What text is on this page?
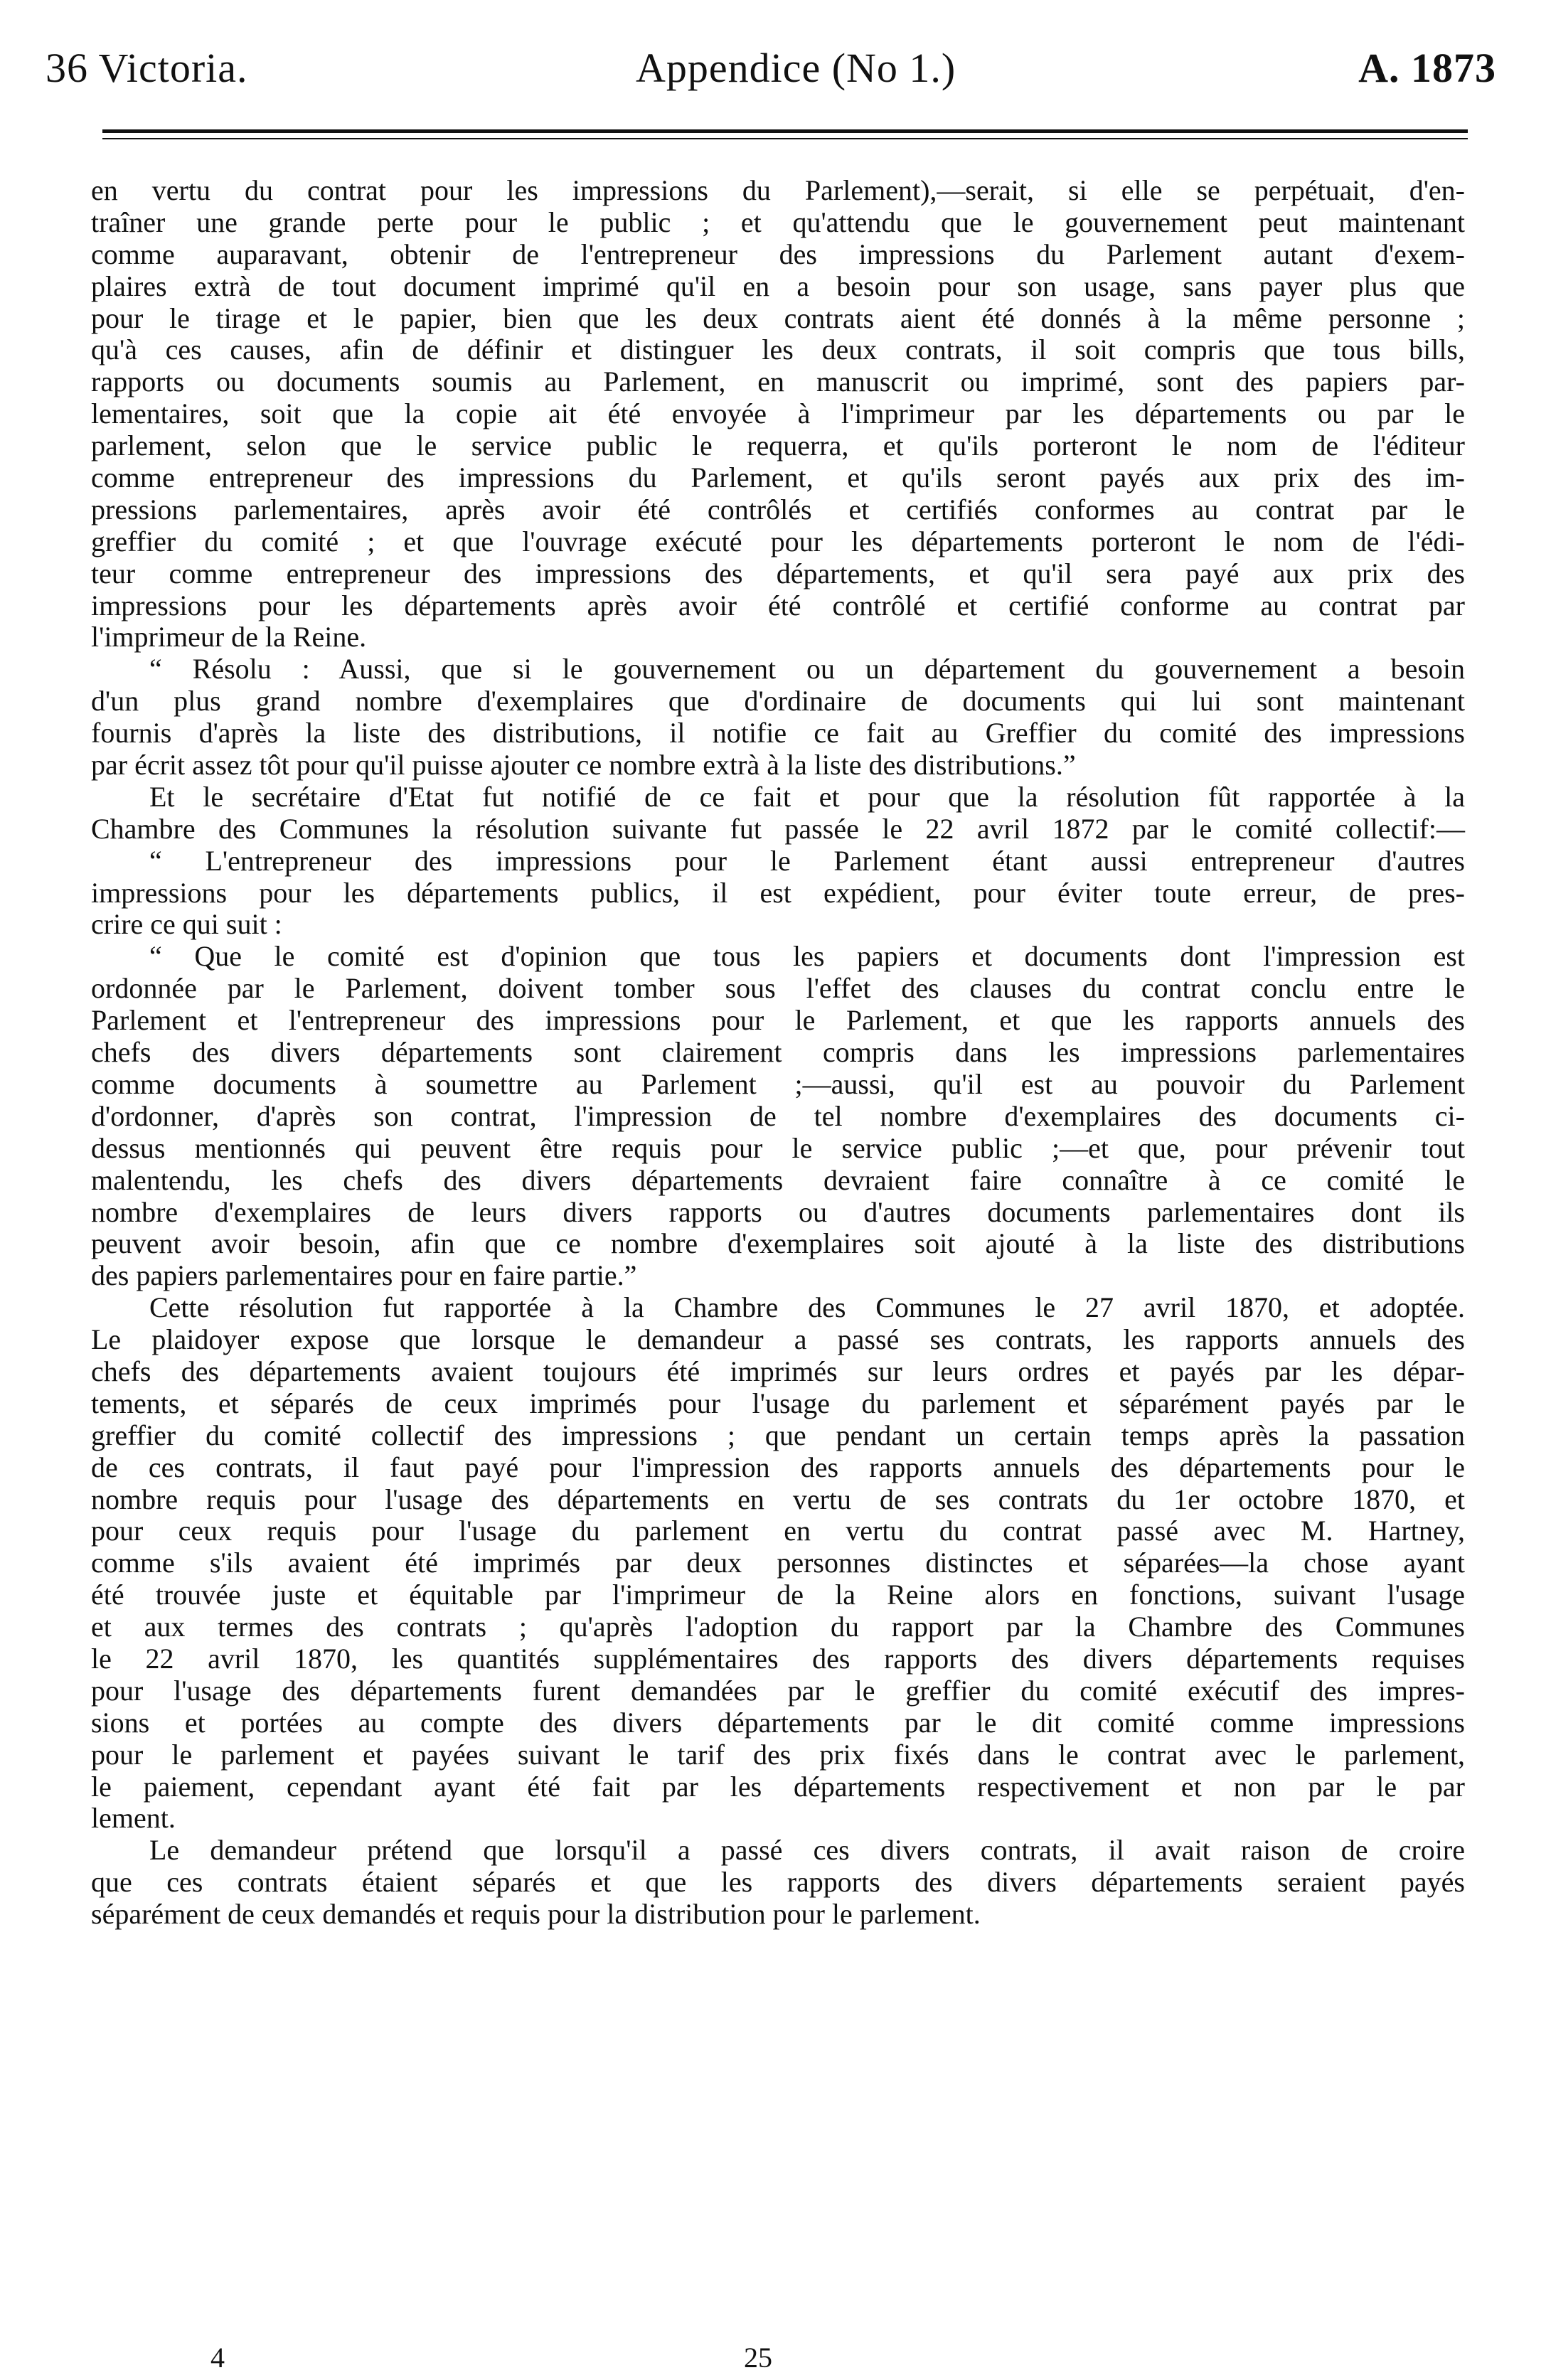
36 Victoria.	Appendice (No 1.)	A. 1873
en vertu du contrat pour les impressions du Parlement),—serait, si elle se perpétuait, d'en-
traîner une grande perte pour le public ; et qu'attendu que le gouvernement peut maintenant
comme auparavant, obtenir de l'entrepreneur des impressions du Parlement autant d'exem-
plaires extrà de tout document imprimé qu'il en a besoin pour son usage, sans payer plus que
pour le tirage et le papier, bien que les deux contrats aient été donnés à la même personne ;
qu'à ces causes, afin de définir et distinguer les deux contrats, il soit compris que tous bills,
rapports ou documents soumis au Parlement, en manuscrit ou imprimé, sont des papiers par-
lementaires, soit que la copie ait été envoyée à l'imprimeur par les départements ou par le
parlement, selon que le service public le requerra, et qu'ils porteront le nom de l'éditeur
comme entrepreneur des impressions du Parlement, et qu'ils seront payés aux prix des im-
pressions parlementaires, après avoir été contrôlés et certifiés conformes au contrat par le
greffier du comité ; et que l'ouvrage exécuté pour les départements porteront le nom de l'édi-
teur comme entrepreneur des impressions des départements, et qu'il sera payé aux prix des
impressions pour les départements après avoir été contrôlé et certifié conforme au contrat par
l'imprimeur de la Reine.
“ Résolu : Aussi, que si le gouvernement ou un département du gouvernement a besoin
d'un plus grand nombre d'exemplaires que d'ordinaire de documents qui lui sont maintenant
fournis d'après la liste des distributions, il notifie ce fait au Greffier du comité des impressions
par écrit assez tôt pour qu'il puisse ajouter ce nombre extrà à la liste des distributions.”
Et le secrétaire d'Etat fut notifié de ce fait et pour que la résolution fût rapportée à la
Chambre des Communes la résolution suivante fut passée le 22 avril 1872 par le comité collectif:—
“ L'entrepreneur des impressions pour le Parlement étant aussi entrepreneur d'autres
impressions pour les départements publics, il est expédient, pour éviter toute erreur, de pres-
crire ce qui suit :
“ Que le comité est d'opinion que tous les papiers et documents dont l'impression est
ordonnée par le Parlement, doivent tomber sous l'effet des clauses du contrat conclu entre le
Parlement et l'entrepreneur des impressions pour le Parlement, et que les rapports annuels des
chefs des divers départements sont clairement compris dans les impressions parlementaires
comme documents à soumettre au Parlement ;—aussi, qu'il est au pouvoir du Parlement
d'ordonner, d'après son contrat, l'impression de tel nombre d'exemplaires des documents ci-
dessus mentionnés qui peuvent être requis pour le service public ;—et que, pour prévenir tout
malentendu, les chefs des divers départements devraient faire connaître à ce comité le
nombre d'exemplaires de leurs divers rapports ou d'autres documents parlementaires dont ils
peuvent avoir besoin, afin que ce nombre d'exemplaires soit ajouté à la liste des distributions
des papiers parlementaires pour en faire partie.”
Cette résolution fut rapportée à la Chambre des Communes le 27 avril 1870, et adoptée.
Le plaidoyer expose que lorsque le demandeur a passé ses contrats, les rapports annuels des
chefs des départements avaient toujours été imprimés sur leurs ordres et payés par les dépar-
tements, et séparés de ceux imprimés pour l'usage du parlement et séparément payés par le
greffier du comité collectif des impressions ; que pendant un certain temps après la passation
de ces contrats, il faut payé pour l'impression des rapports annuels des départements pour le
nombre requis pour l'usage des départements en vertu de ses contrats du 1er octobre 1870, et
pour ceux requis pour l'usage du parlement en vertu du contrat passé avec M. Hartney,
comme s'ils avaient été imprimés par deux personnes distinctes et séparées—la chose ayant
été trouvée juste et équitable par l'imprimeur de la Reine alors en fonctions, suivant l'usage
et aux termes des contrats ; qu'après l'adoption du rapport par la Chambre des Communes
le 22 avril 1870, les quantités supplémentaires des rapports des divers départements requises
pour l'usage des départements furent demandées par le greffier du comité exécutif des impres-
sions et portées au compte des divers départements par le dit comité comme impressions
pour le parlement et payées suivant le tarif des prix fixés dans le contrat avec le parlement,
le paiement, cependant ayant été fait par les départements respectivement et non par le par
lement.
Le demandeur prétend que lorsqu'il a passé ces divers contrats, il avait raison de croire
que ces contrats étaient séparés et que les rapports des divers départements seraient payés
séparément de ceux demandés et requis pour la distribution pour le parlement.
4	25
